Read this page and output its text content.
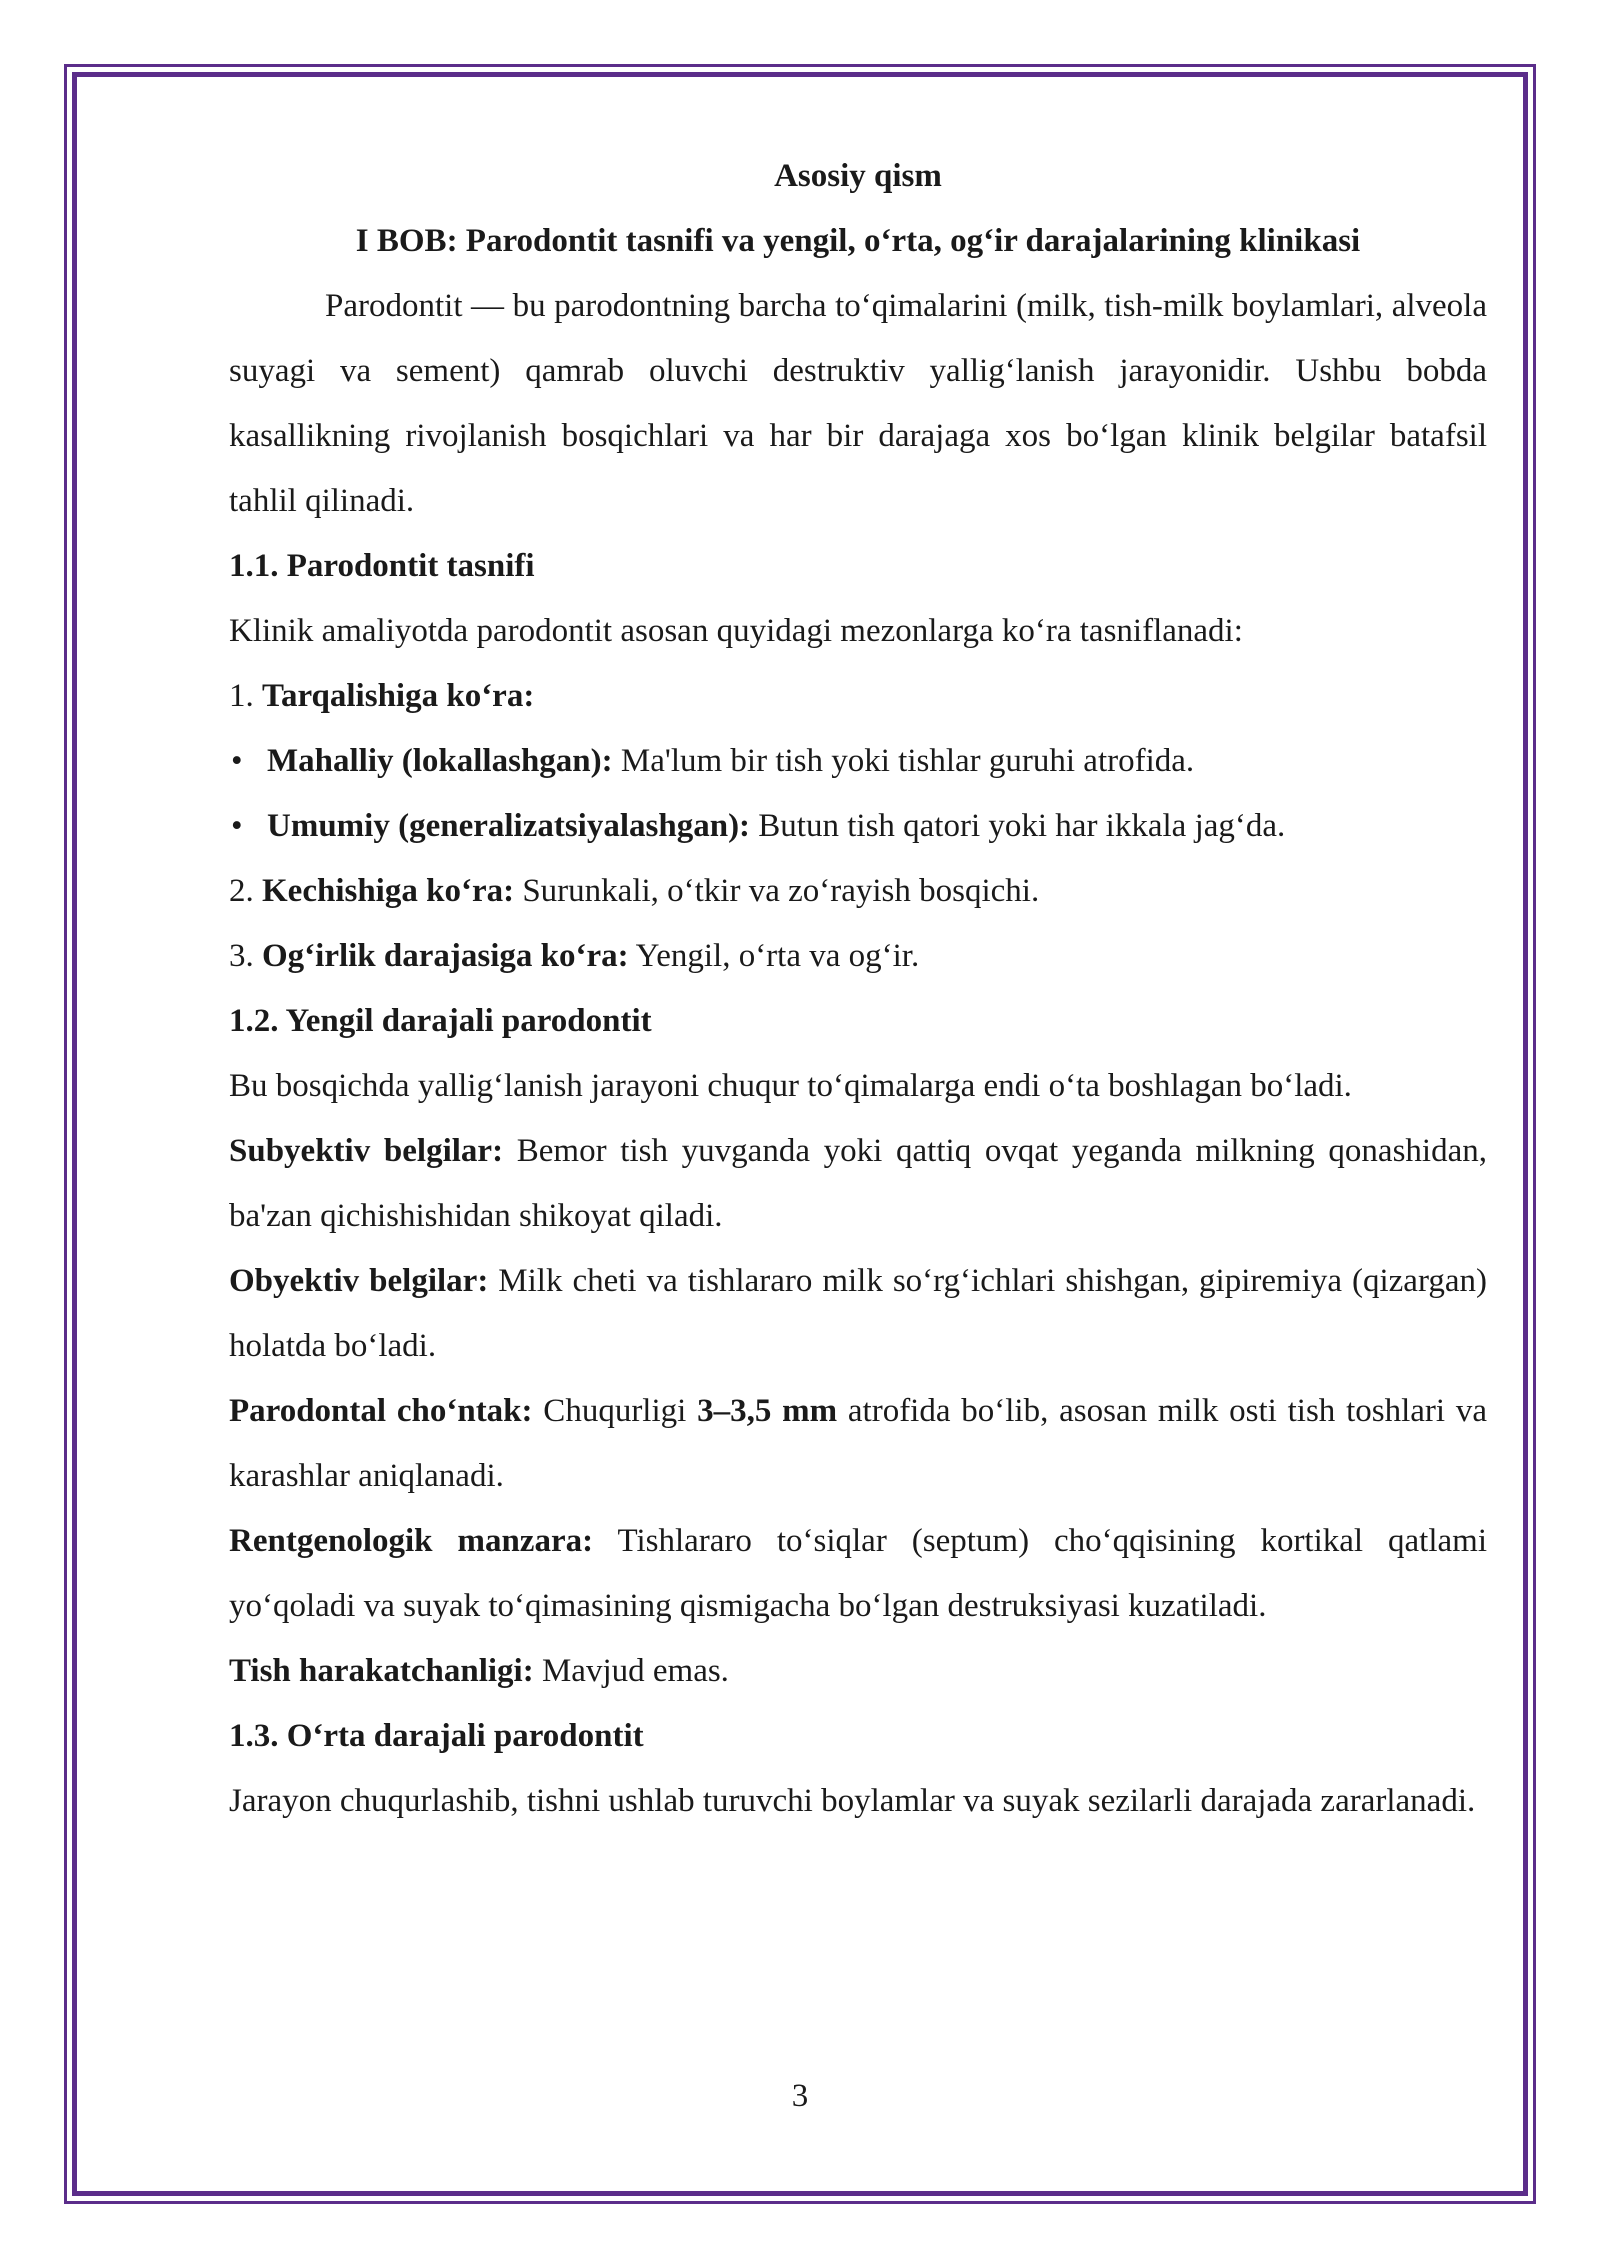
Asosiy qism

I BOB: Parodontit tasnifi va yengil, o‘rta, og‘ir darajalarining klinikasi

Parodontit — bu parodontning barcha to‘qimalarini (milk, tish-milk boylamlari, alveola suyagi va sement) qamrab oluvchi destruktiv yallig‘lanish jarayonidir. Ushbu bobda kasallikning rivojlanish bosqichlari va har bir darajaga xos bo‘lgan klinik belgilar batafsil tahlil qilinadi.

1.1. Parodontit tasnifi

Klinik amaliyotda parodontit asosan quyidagi mezonlarga ko‘ra tasniflanadi:

1. Tarqalishiga ko‘ra:

• Mahalliy (lokallashgan): Ma'lum bir tish yoki tishlar guruhi atrofida.
• Umumiy (generalizatsiyalashgan): Butun tish qatori yoki har ikkala jag‘da.

2. Kechishiga ko‘ra: Surunkali, o‘tkir va zo‘rayish bosqichi.

3. Og‘irlik darajasiga ko‘ra: Yengil, o‘rta va og‘ir.

1.2. Yengil darajali parodontit

Bu bosqichda yallig‘lanish jarayoni chuqur to‘qimalarga endi o‘ta boshlagan bo‘ladi.

Subyektiv belgilar: Bemor tish yuvganda yoki qattiq ovqat yeganda milkning qonashidan, ba'zan qichishishidan shikoyat qiladi.

Obyektiv belgilar: Milk cheti va tishlararo milk so‘rg‘ichlari shishgan, gipiremiya (qizargan) holatda bo‘ladi.

Parodontal cho‘ntak: Chuqurligi 3–3,5 mm atrofida bo‘lib, asosan milk osti tish toshlari va karashlar aniqlanadi.

Rentgenologik manzara: Tishlararo to‘siqlar (septum) cho‘qqisining kortikal qatlami yo‘qoladi va suyak to‘qimasining qismigacha bo‘lgan destruksiyasi kuzatiladi.

Tish harakatchanligi: Mavjud emas.

1.3. O‘rta darajali parodontit

Jarayon chuqurlashib, tishni ushlab turuvchi boylamlar va suyak sezilarli darajada zararlanadi.

3
